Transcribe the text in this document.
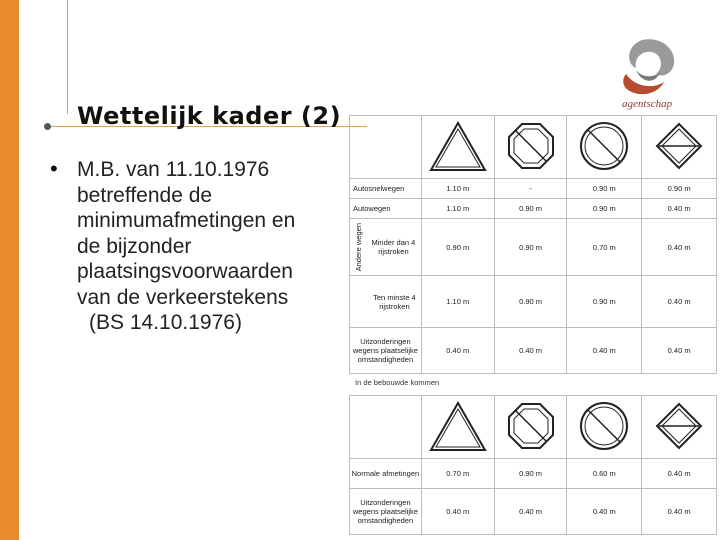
Wettelijk kader (2)
• M.B. van 11.10.1976
betreffende de
minimumafmetingen en
de bijzonder
plaatsingsvoorwaarden
van de verkeerstekens
(BS 14.10.1976)
agentschap

Autosnelwegen	1.10 m	-	0.90 m	0.90 m
Autowegen	1.10 m	0.90 m	0.90 m	0.40 m

Andere wegen Minder dan 4 rijstroken	0.90 m	0.90 m	0.70 m	0.40 m
Ten minste 4 rijstroken	1.10 m	0.90 m	0.90 m	0.40 m
Uitzonderingen wegens plaatselijke omstandigheden	0.40 m	0.40 m	0.40 m	0.40 m
In de bebouwde kommen

Normale afmetingen	0.70 m	0.90 m	0.60 m	0.40 m
Uitzonderingen wegens plaatselijke omstandigheden	0.40 m	0.40 m	0.40 m	0.40 m
